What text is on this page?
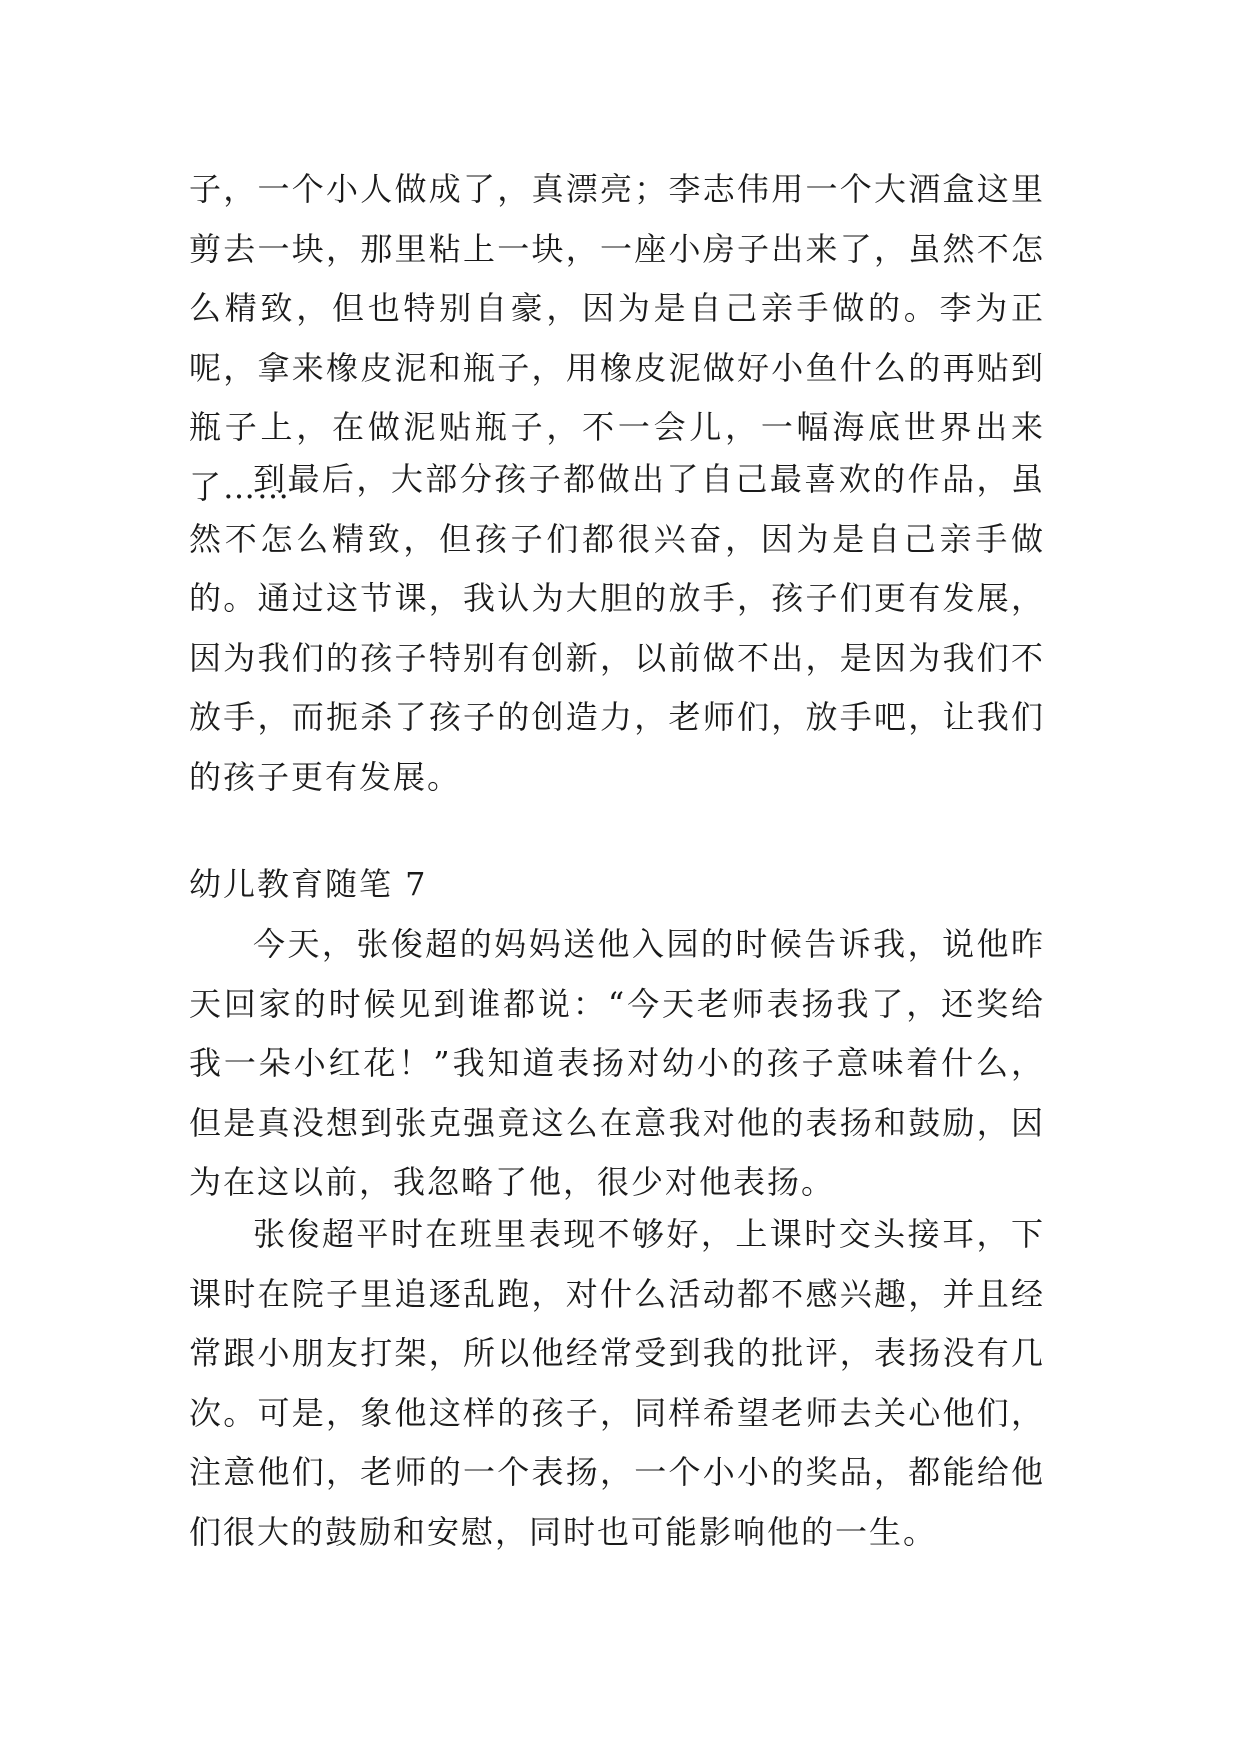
子，一个小人做成了，真漂亮；李志伟用一个大酒盒这里剪去一块，那里粘上一块，一座小房子出来了，虽然不怎么精致，但也特别自豪，因为是自己亲手做的。李为正呢，拿来橡皮泥和瓶子，用橡皮泥做好小鱼什么的再贴到瓶子上，在做泥贴瓶子，不一会儿，一幅海底世界出来了……

到最后，大部分孩子都做出了自己最喜欢的作品，虽然不怎么精致，但孩子们都很兴奋，因为是自己亲手做的。通过这节课，我认为大胆的放手，孩子们更有发展，因为我们的孩子特别有创新，以前做不出，是因为我们不放手，而扼杀了孩子的创造力，老师们，放手吧，让我们的孩子更有发展。

幼儿教育随笔 7

今天，张俊超的妈妈送他入园的时候告诉我，说他昨天回家的时候见到谁都说：“今天老师表扬我了，还奖给我一朵小红花！”我知道表扬对幼小的孩子意味着什么，但是真没想到张克强竟这么在意我对他的表扬和鼓励，因为在这以前，我忽略了他，很少对他表扬。

张俊超平时在班里表现不够好，上课时交头接耳，下课时在院子里追逐乱跑，对什么活动都不感兴趣，并且经常跟小朋友打架，所以他经常受到我的批评，表扬没有几次。可是，象他这样的孩子，同样希望老师去关心他们，注意他们，老师的一个表扬，一个小小的奖品，都能给他们很大的鼓励和安慰，同时也可能影响他的一生。
